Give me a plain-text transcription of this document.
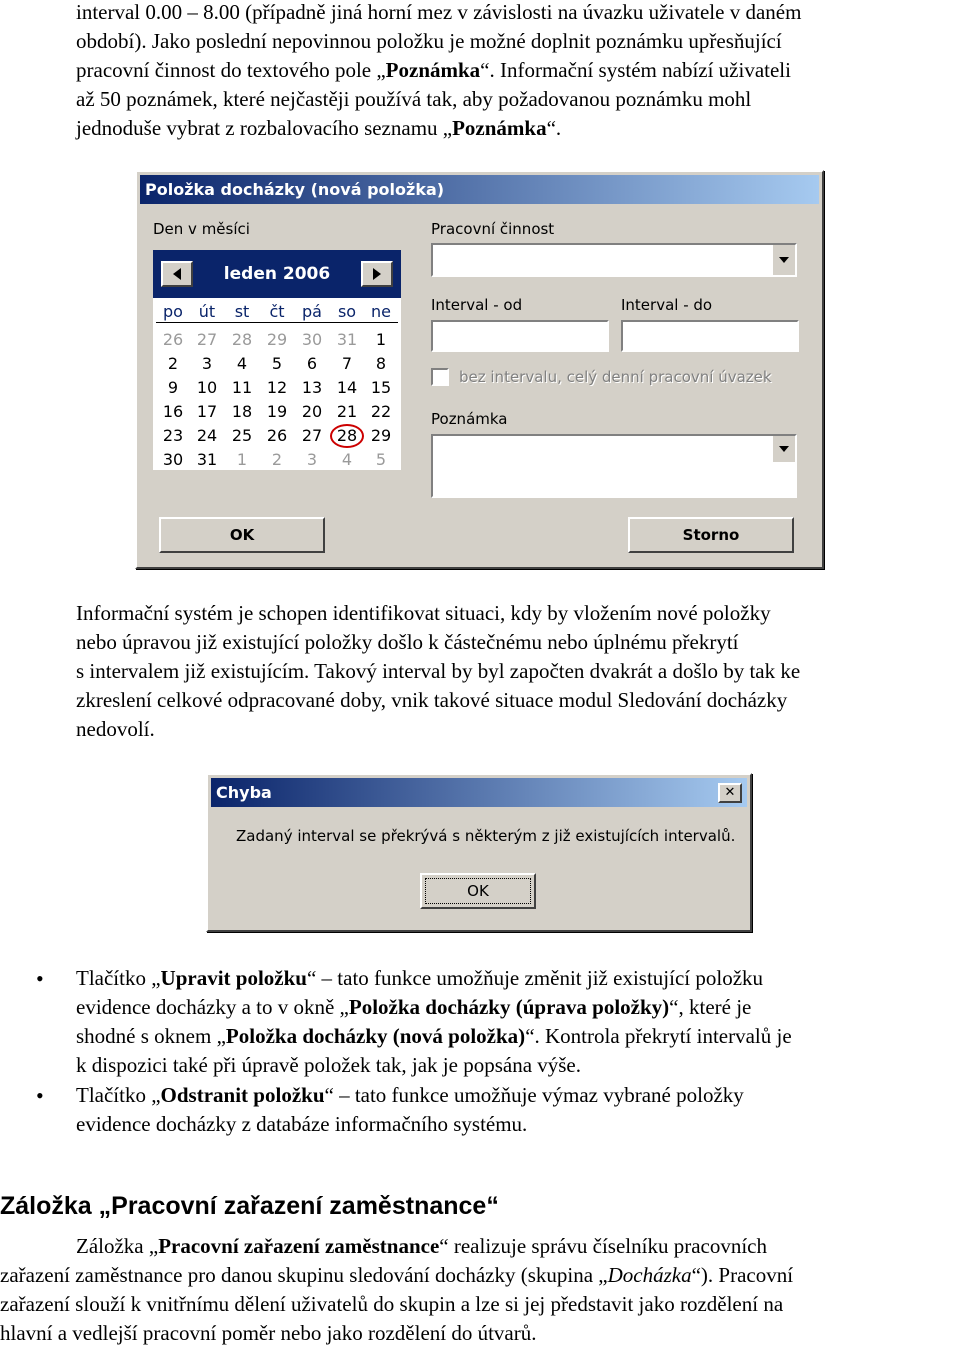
interval 0.00 – 8.00 (případně jiná horní mez v závislosti na úvazku uživatele v daném
období). Jako poslední nepovinnou položku je možné doplnit poznámku upřesňující
pracovní činnost do textového pole „Poznámka“. Informační systém nabízí uživateli
až 50 poznámek, které nejčastěji používá tak, aby požadovanou poznámku mohl
jednoduše vybrat z rozbalovacího seznamu „Poznámka“.
Položka docházky (nová položka)
Den v měsíci
leden 2006
po út	st	čt	pá so ne
26 27 28 29 30 31	1
2	3	4	5	6	7	8
9	10 11 12 13 14 15
16 17 18 19 20 21 22
23 24 25 26 27 28 29
30 31	1	2	3	4	5
Pracovní činnost
Interval - od	Interval - do
bez intervalu, celý denní pracovní úvazek
Poznámka
OK	Storno
Informační systém je schopen identifikovat situaci, kdy by vložením nové položky
nebo úpravou již existující položky došlo k částečnému nebo úplnému překrytí
s intervalem již existujícím. Takový interval by byl započten dvakrát a došlo by tak ke
zkreslení celkové odpracované doby, vnik takové situace modul Sledování docházky
nedovolí.
Chyba	✕
Zadaný interval se překrývá s některým z již existujících intervalů.
OK
• Tlačítko „Upravit položku“ – tato funkce umožňuje změnit již existující položku
evidence docházky a to v okně „Položka docházky (úprava položky)“, které je
shodné s oknem „Položka docházky (nová položka)“. Kontrola překrytí intervalů je
k dispozici také při úpravě položek tak, jak je popsána výše.
• Tlačítko „Odstranit položku“ – tato funkce umožňuje výmaz vybrané položky
evidence docházky z databáze informačního systému.
Záložka „Pracovní zařazení zaměstnance“
Záložka „Pracovní zařazení zaměstnance“ realizuje správu číselníku pracovních
zařazení zaměstnance pro danou skupinu sledování docházky (skupina „Docházka“). Pracovní
zařazení slouží k vnitřnímu dělení uživatelů do skupin a lze si jej představit jako rozdělení na
hlavní a vedlejší pracovní poměr nebo jako rozdělení do útvarů.
